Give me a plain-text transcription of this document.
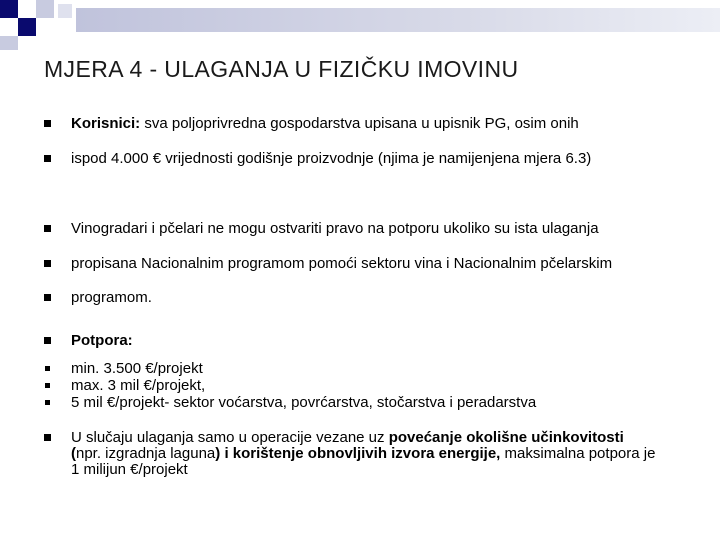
MJERA 4 - ULAGANJA U FIZIČKU IMOVINU
Korisnici: sva poljoprivredna gospodarstva upisana u upisnik PG, osim onih
ispod 4.000 € vrijednosti godišnje proizvodnje (njima je namijenjena mjera 6.3)
Vinogradari i pčelari ne mogu ostvariti pravo na potporu ukoliko su ista ulaganja
propisana Nacionalnim programom pomoći sektoru vina i Nacionalnim pčelarskim
programom.
Potpora:
min. 3.500 €/projekt
max. 3 mil €/projekt,
5 mil €/projekt- sektor voćarstva, povrćarstva, stočarstva i peradarstva
U slučaju ulaganja samo u operacije vezane uz povećanje okolišne učinkovitosti (npr. izgradnja laguna) i korištenje obnovljivih izvora energije, maksimalna potpora je 1 milijun €/projekt
